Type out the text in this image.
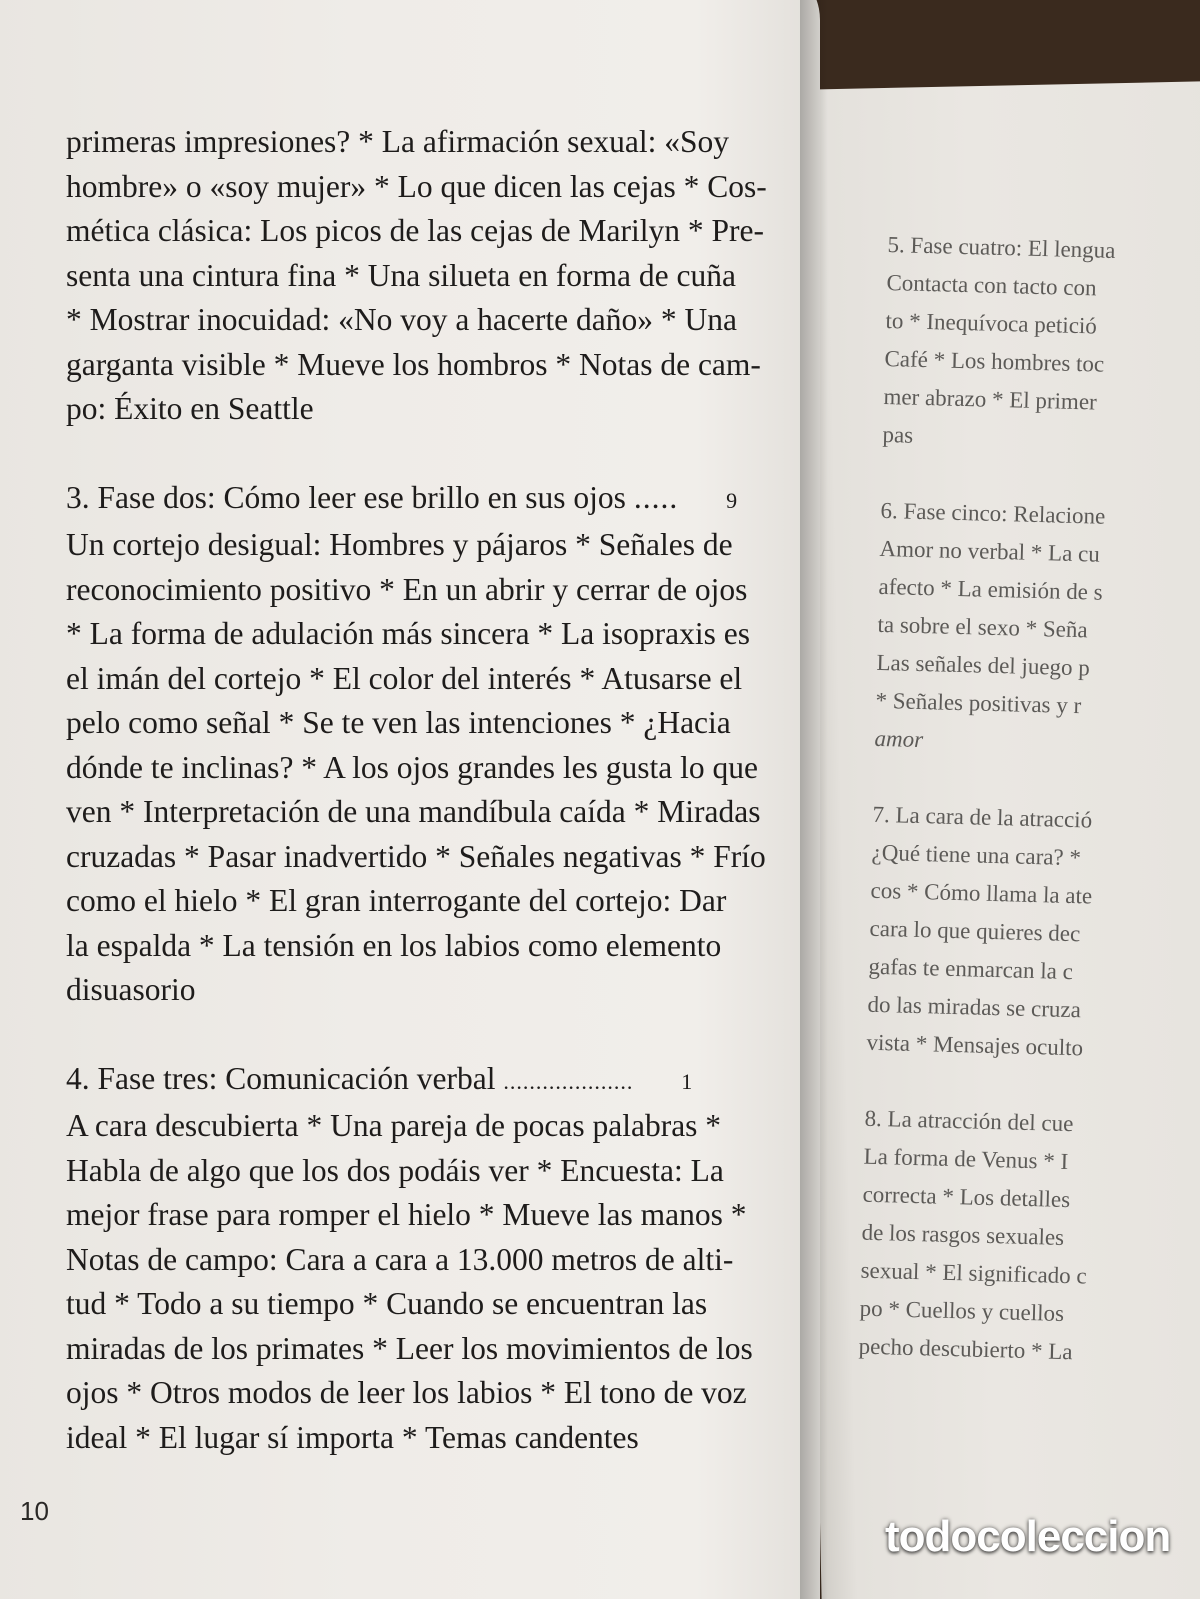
5. Fase cuatro: El lengua
Contacta con tacto con
to * Inequívoca petició
Café * Los hombres toc
mer abrazo * El primer
pas
6. Fase cinco: Relacione
Amor no verbal * La cu
afecto * La emisión de s
ta sobre el sexo * Seña
Las señales del juego p
* Señales positivas y r
amor
7. La cara de la atracció
¿Qué tiene una cara? *
cos * Cómo llama la ate
cara lo que quieres dec
gafas te enmarcan la c
do las miradas se cruza
vista * Mensajes oculto
8. La atracción del cue
La forma de Venus * I
correcta * Los detalles
de los rasgos sexuales
sexual * El significado c
po * Cuellos y cuellos
pecho descubierto * La
primeras impresiones? * La afirmación sexual: «Soy
hombre» o «soy mujer» * Lo que dicen las cejas * Cos-
mética clásica: Los picos de las cejas de Marilyn * Pre-
senta una cintura fina * Una silueta en forma de cuña
* Mostrar inocuidad: «No voy a hacerte daño» * Una
garganta visible * Mueve los hombros * Notas de cam-
po: Éxito en Seattle
3. Fase dos: Cómo leer ese brillo en sus ojos ..... 9
Un cortejo desigual: Hombres y pájaros * Señales de
reconocimiento positivo * En un abrir y cerrar de ojos
* La forma de adulación más sincera * La isopraxis es
el imán del cortejo * El color del interés * Atusarse el
pelo como señal * Se te ven las intenciones * ¿Hacia
dónde te inclinas? * A los ojos grandes les gusta lo que
ven * Interpretación de una mandíbula caída * Miradas
cruzadas * Pasar inadvertido * Señales negativas * Frío
como el hielo * El gran interrogante del cortejo: Dar
la espalda * La tensión en los labios como elemento
disuasorio
4. Fase tres: Comunicación verbal .................... 1
A cara descubierta * Una pareja de pocas palabras *
Habla de algo que los dos podáis ver * Encuesta: La
mejor frase para romper el hielo * Mueve las manos *
Notas de campo: Cara a cara a 13.000 metros de alti-
tud * Todo a su tiempo * Cuando se encuentran las
miradas de los primates * Leer los movimientos de los
ojos * Otros modos de leer los labios * El tono de voz
ideal * El lugar sí importa * Temas candentes
10
todocoleccion
